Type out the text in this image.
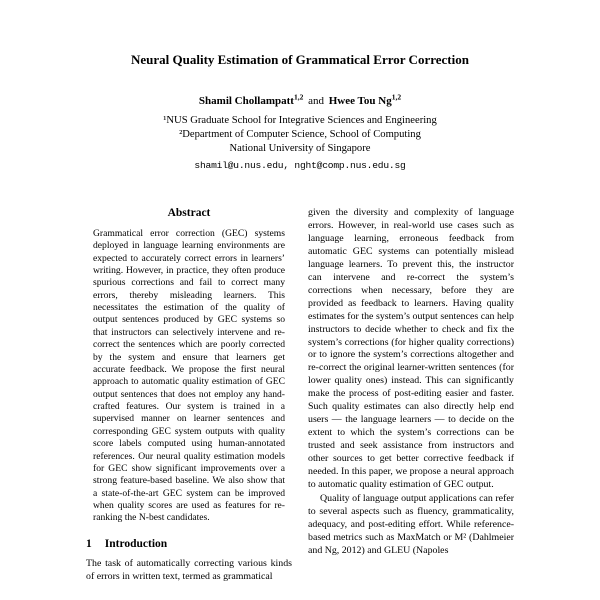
Neural Quality Estimation of Grammatical Error Correction
Shamil Chollampatt$^{1,2}$ and Hwee Tou Ng$^{1,2}$
¹NUS Graduate School for Integrative Sciences and Engineering
²Department of Computer Science, School of Computing
National University of Singapore
shamil@u.nus.edu, nght@comp.nus.edu.sg
Abstract

Grammatical error correction (GEC) systems deployed in language learning environments are expected to accurately correct errors in learners’ writing. However, in practice, they often produce spurious corrections and fail to correct many errors, thereby misleading learners. This necessitates the estimation of the quality of output sentences produced by GEC systems so that instructors can selectively intervene and re-correct the sentences which are poorly corrected by the system and ensure that learners get accurate feedback. We propose the first neural approach to automatic quality estimation of GEC output sentences that does not employ any hand-crafted features. Our system is trained in a supervised manner on learner sentences and corresponding GEC system outputs with quality score labels computed using human-annotated references. Our neural quality estimation models for GEC show significant improvements over a strong feature-based baseline. We also show that a state-of-the-art GEC system can be improved when quality scores are used as features for re-ranking the N-best candidates.

1 Introduction

The task of automatically correcting various kinds of errors in written text, termed as grammatical

given the diversity and complexity of language errors. However, in real-world use cases such as language learning, erroneous feedback from automatic GEC systems can potentially mislead language learners. To prevent this, the instructor can intervene and re-correct the system’s corrections when necessary, before they are provided as feedback to learners. Having quality estimates for the system’s output sentences can help instructors to decide whether to check and fix the system’s corrections (for higher quality corrections) or to ignore the system’s corrections altogether and re-correct the original learner-written sentences (for lower quality ones) instead. This can significantly make the process of post-editing easier and faster. Such quality estimates can also directly help end users — the language learners — to decide on the extent to which the system’s corrections can be trusted and seek assistance from instructors and other sources to get better corrective feedback if needed. In this paper, we propose a neural approach to automatic quality estimation of GEC output.

Quality of language output applications can refer to several aspects such as fluency, grammaticality, adequacy, and post-editing effort. While reference-based metrics such as MaxMatch or M² (Dahlmeier and Ng, 2012) and GLEU (Napoles
